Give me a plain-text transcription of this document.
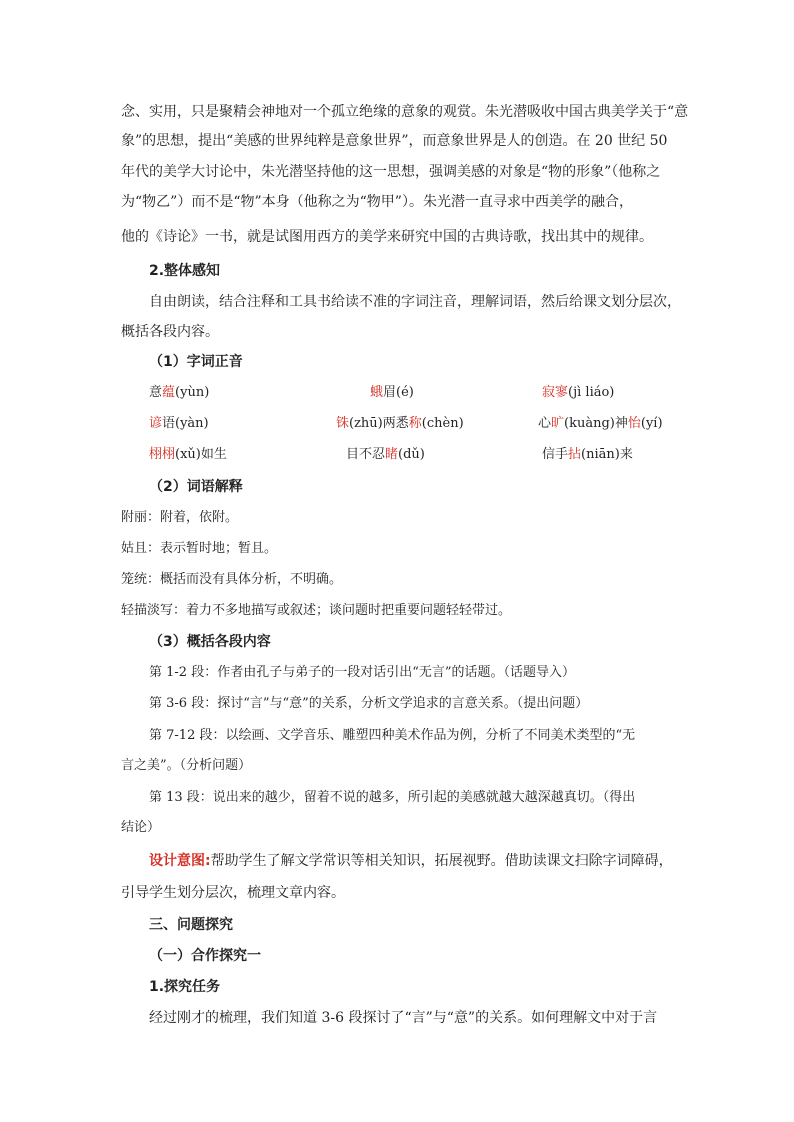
念、实用，只是聚精会神地对一个孤立绝缘的意象的观赏。朱光潜吸收中国古典美学关于“意
象”的思想，提出“美感的世界纯粹是意象世界”，而意象世界是人的创造。在 20 世纪 50
年代的美学大讨论中，朱光潜坚持他的这一思想，强调美感的对象是“物的形象”（他称之
为“物乙”）而不是“物”本身（他称之为“物甲”）。朱光潜一直寻求中西美学的融合，
他的《诗论》一书，就是试图用西方的美学来研究中国的古典诗歌，找出其中的规律。
2.整体感知
自由朗读，结合注释和工具书给读不准的字词注音，理解词语，然后给课文划分层次，
概括各段内容。
（1）字词正音
意蕴(yùn)	蛾眉(é)	寂寥(jì liáo)
谚语(yàn)	铢(zhū)两悉称(chèn)	心旷(kuàng)神怡(yí)
栩栩(xǔ)如生	目不忍睹(dǔ)	信手拈(niān)来
（2）词语解释
附丽：附着，依附。
姑且：表示暂时地；暂且。
笼统：概括而没有具体分析，不明确。
轻描淡写：着力不多地描写或叙述；谈问题时把重要问题轻轻带过。
（3）概括各段内容
第 1-2 段：作者由孔子与弟子的一段对话引出“无言”的话题。（话题导入）
第 3-6 段：探讨“言”与“意”的关系，分析文学追求的言意关系。（提出问题）
第 7-12 段：以绘画、文学音乐、雕塑四种美术作品为例，分析了不同美术类型的“无
言之美”。（分析问题）
第 13 段：说出来的越少，留着不说的越多，所引起的美感就越大越深越真切。（得出
结论）
设计意图:帮助学生了解文学常识等相关知识，拓展视野。借助读课文扫除字词障碍，
引导学生划分层次，梳理文章内容。
三、问题探究
（一）合作探究一
1.探究任务
经过刚才的梳理，我们知道 3-6 段探讨了“言”与“意”的关系。如何理解文中对于言
